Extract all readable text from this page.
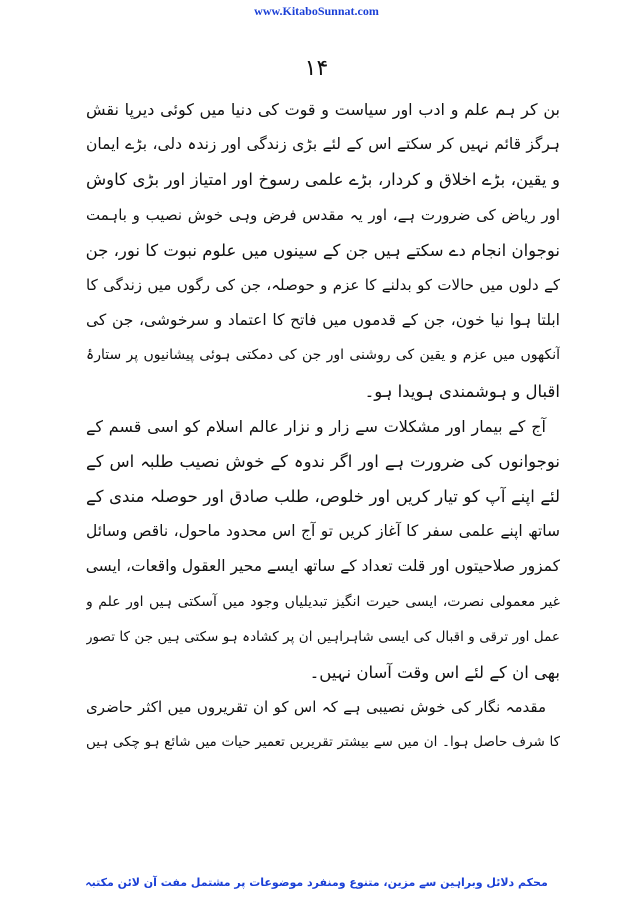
www.KitaboSunnat.com
۱۴
بن کر ہم علم و ادب اور سیاست و قوت کی دنیا میں کوئی دیرپا نقش
ہرگز قائم نہیں کر سکتے اس کے لئے بڑی زندگی اور زندہ دلی، بڑے ایمان
و یقین، بڑے اخلاق و کردار، بڑے علمی رسوخ اور امتیاز اور بڑی کاوش
اور ریاض کی ضرورت ہے، اور یہ مقدس فرض وہی خوش نصیب و باہمت
نوجوان انجام دے سکتے ہیں جن کے سینوں میں علوم نبوت کا نور، جن
کے دلوں میں حالات کو بدلنے کا عزم و حوصلہ، جن کی رگوں میں زندگی کا
ابلتا ہوا نیا خون، جن کے قدموں میں فاتح کا اعتماد و سرخوشی، جن کی
آنکھوں میں عزم و یقین کی روشنی اور جن کی دمکتی ہوئی پیشانیوں پر ستارۂ
اقبال و ہوشمندی ہویدا ہو۔
آج کے بیمار اور مشکلات سے زار و نزار عالم اسلام کو اسی قسم کے
نوجوانوں کی ضرورت ہے اور اگر ندوہ کے خوش نصیب طلبہ اس کے
لئے اپنے آپ کو تیار کریں اور خلوص، طلب صادق اور حوصلہ مندی کے
ساتھ اپنے علمی سفر کا آغاز کریں تو آج اس محدود ماحول، ناقص وسائل
کمزور صلاحیتوں اور قلت تعداد کے ساتھ ایسے محیر العقول واقعات، ایسی
غیر معمولی نصرت، ایسی حیرت انگیز تبدیلیاں وجود میں آسکتی ہیں اور علم و
عمل اور ترقی و اقبال کی ایسی شاہراہیں ان پر کشادہ ہو سکتی ہیں جن کا تصور
بھی ان کے لئے اس وقت آسان نہیں۔
مقدمہ نگار کی خوش نصیبی ہے کہ اس کو ان تقریروں میں اکثر حاضری
کا شرف حاصل ہوا۔ ان میں سے بیشتر تقریریں تعمیر حیات میں شائع ہو چکی ہیں
محکم دلائل وبراہین سے مزین، متنوع ومنفرد موضوعات پر مشتمل مفت آن لائن مکتبہ
